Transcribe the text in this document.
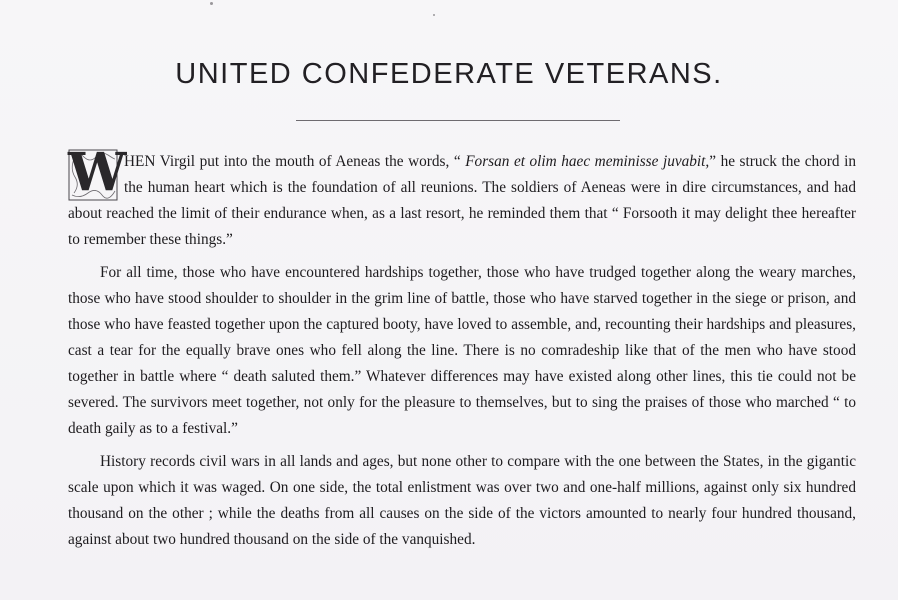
UNITED CONFEDERATE VETERANS.

W
HEN Virgil put into the mouth of Aeneas the words, “ Forsan et olim haec meminisse juvabit,” he struck the chord in the human heart which is the foundation of all reunions. The soldiers of Aeneas were in dire circumstances, and had about reached the limit of their endurance when, as a last resort, he reminded them that “ Forsooth it may delight thee hereafter to remember these things.”

For all time, those who have encountered hardships together, those who have trudged together along the weary marches, those who have stood shoulder to shoulder in the grim line of battle, those who have starved together in the siege or prison, and those who have feasted together upon the captured booty, have loved to assemble, and, recounting their hardships and pleasures, cast a tear for the equally brave ones who fell along the line. There is no comradeship like that of the men who have stood together in battle where “ death saluted them.” Whatever differences may have existed along other lines, this tie could not be severed. The survivors meet together, not only for the pleasure to themselves, but to sing the praises of those who marched “ to death gaily as to a festival.”

History records civil wars in all lands and ages, but none other to compare with the one between the States, in the gigantic scale upon which it was waged. On one side, the total enlistment was over two and one-half millions, against only six hundred thousand on the other ; while the deaths from all causes on the side of the victors amounted to nearly four hundred thousand, against about two hundred thousand on the side of the vanquished.
